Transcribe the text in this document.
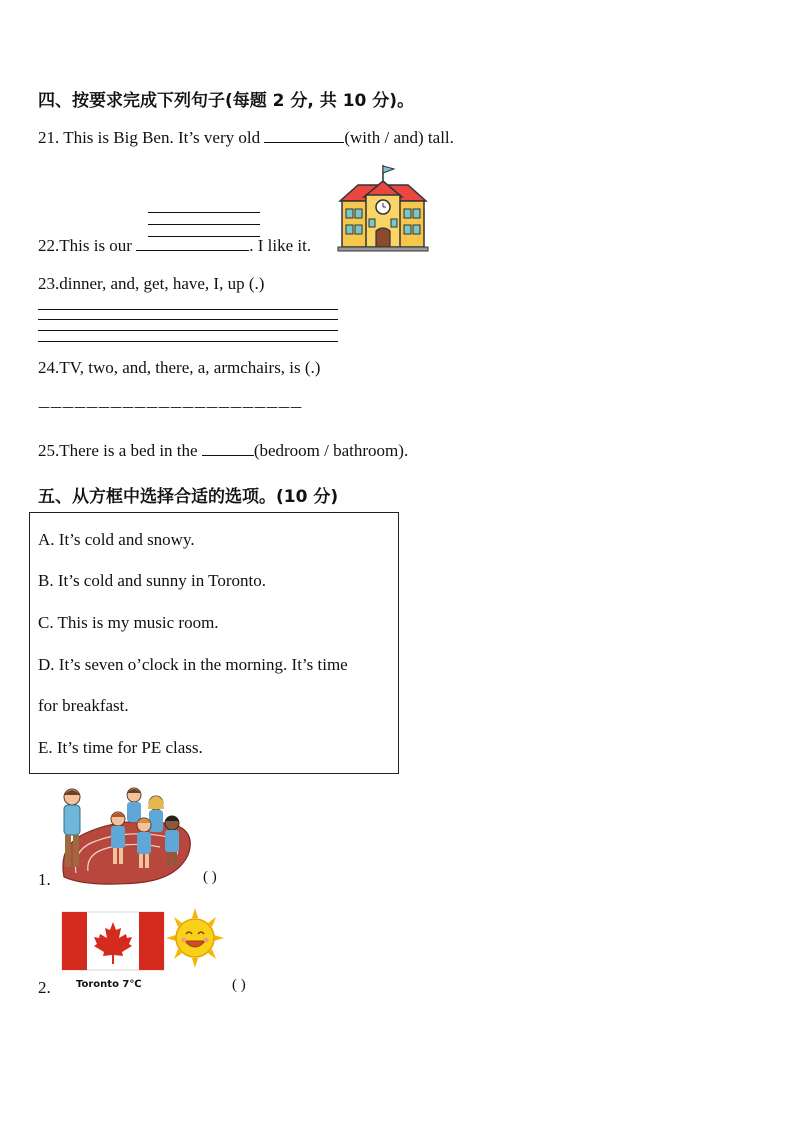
四、按要求完成下列句子(每题 2 分, 共 10 分)。
21. This is Big Ben. It’s very old	(with / and) tall.
22.This is our	. I like it.
23.dinner, and, get, have, I, up (.)
24.TV, two, and, there, a, armchairs, is (.)
——————————————————————
25.There is a bed in the	(bedroom / bathroom).
五、从方框中选择合适的选项。(10 分)
A. It’s cold and snowy.
B. It’s cold and sunny in Toronto.
C. This is my music room.
D. It’s seven o’clock in the morning. It’s time
for breakfast.
E. It’s time for PE class.
1.	( )
2.	Toronto 7℃	( )
